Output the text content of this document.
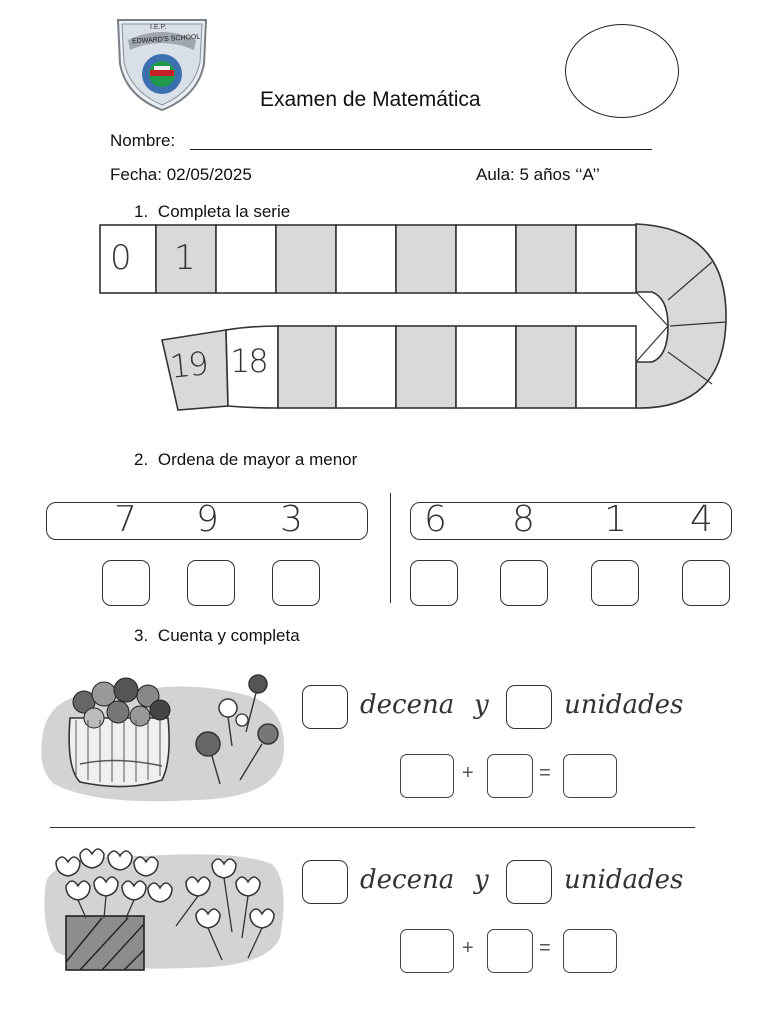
I.E.P.
EDWARD'S SCHOOL
Examen de Matemática
Nombre:
Fecha: 02/05/2025	Aula: 5 años ‘‘A’’
1. Completa la serie
0 1
19 18
2. Ordena de mayor a menor
7 9 3	6 8 1 4
3. Cuenta y completa
decena y	unidades
+	=
decena y	unidades
+	=
